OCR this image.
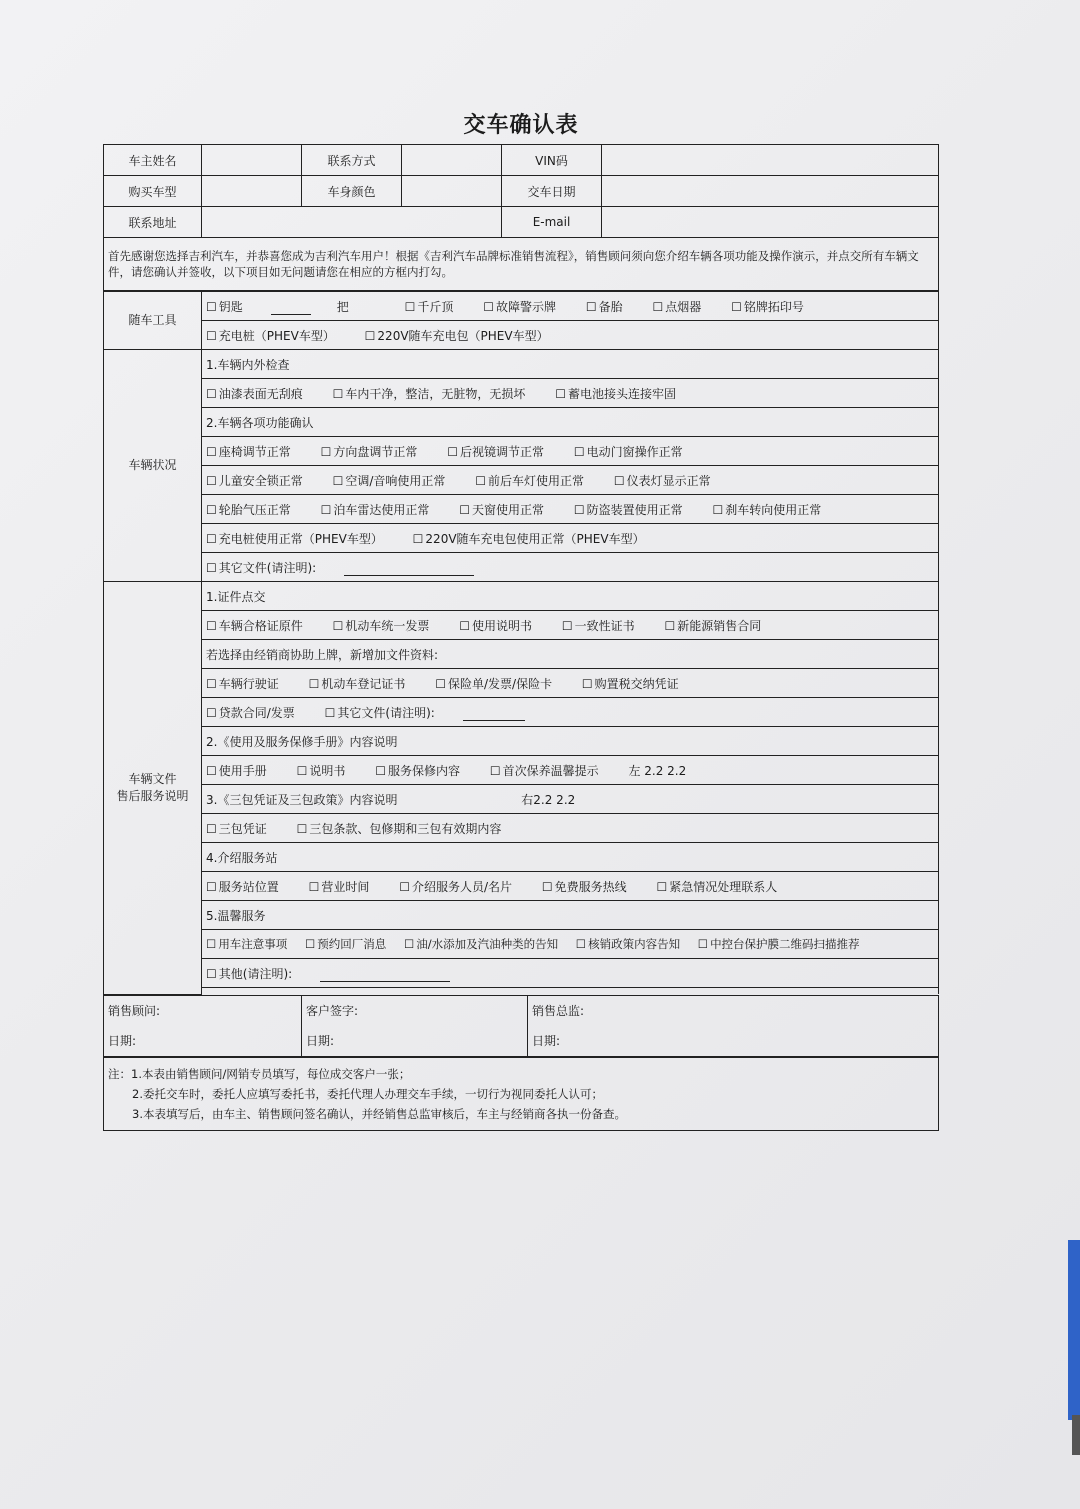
交车确认表
车主姓名		联系方式		VIN码	
购买车型		车身颜色		交车日期	
联系地址				E-mail	
首先感谢您选择吉利汽车，并恭喜您成为吉利汽车用户！根据《吉利汽车品牌标准销售流程》，销售顾问须向您介绍车辆各项功能及操作演示，并点交所有车辆文件，请您确认并签收，以下项目如无问题请您在相应的方框内打勾。					
随车工具	☐ 钥匙 把 ☐ 千斤顶 ☐ 故障警示牌 ☐ 备胎 ☐ 点烟器 ☐ 铭牌拓印号
	☐ 充电桩（PHEV车型） ☐ 220V随车充电包（PHEV车型）
车辆状况	1.车辆内外检查
	☐ 油漆表面无刮痕 ☐ 车内干净，整洁，无脏物，无损坏 ☐ 蓄电池接头连接牢固
	2.车辆各项功能确认
	☐ 座椅调节正常 ☐ 方向盘调节正常 ☐ 后视镜调节正常 ☐ 电动门窗操作正常
	☐ 儿童安全锁正常 ☐ 空调/音响使用正常 ☐ 前后车灯使用正常 ☐ 仪表灯显示正常
	☐ 轮胎气压正常 ☐ 泊车雷达使用正常 ☐ 天窗使用正常 ☐ 防盗装置使用正常 ☐ 刹车转向使用正常
	☐ 充电桩使用正常（PHEV车型） ☐ 220V随车充电包使用正常（PHEV车型）
	☐ 其它文件(请注明):
车辆文件
售后服务说明	1.证件点交
	☐ 车辆合格证原件 ☐ 机动车统一发票 ☐ 使用说明书 ☐ 一致性证书 ☐ 新能源销售合同
	若选择由经销商协助上牌，新增加文件资料:
	☐ 车辆行驶证 ☐ 机动车登记证书 ☐ 保险单/发票/保险卡 ☐ 购置税交纳凭证
	☐ 贷款合同/发票 ☐ 其它文件(请注明):
	2.《使用及服务保修手册》内容说明
	☐ 使用手册 ☐ 说明书 ☐ 服务保修内容 ☐ 首次保养温馨提示 左 2.2 2.2
	3.《三包凭证及三包政策》内容说明 右2.2 2.2
	☐ 三包凭证 ☐ 三包条款、包修期和三包有效期内容
	4.介绍服务站
	☐ 服务站位置 ☐ 营业时间 ☐ 介绍服务人员/名片 ☐ 免费服务热线 ☐ 紧急情况处理联系人
	5.温馨服务
	☐ 用车注意事项 ☐ 预约回厂消息 ☐ 油/水添加及汽油种类的告知 ☐ 核销政策内容告知 ☐ 中控台保护膜二维码扫描推荐
	☐ 其他(请注明):

销售顾问:	客户签字:	销售总监:
日期:	日期:	日期:
注：1.本表由销售顾问/网销专员填写，每位成交客户一张；
2.委托交车时，委托人应填写委托书，委托代理人办理交车手续，一切行为视同委托人认可；
3.本表填写后，由车主、销售顾问签名确认，并经销售总监审核后，车主与经销商各执一份备查。
